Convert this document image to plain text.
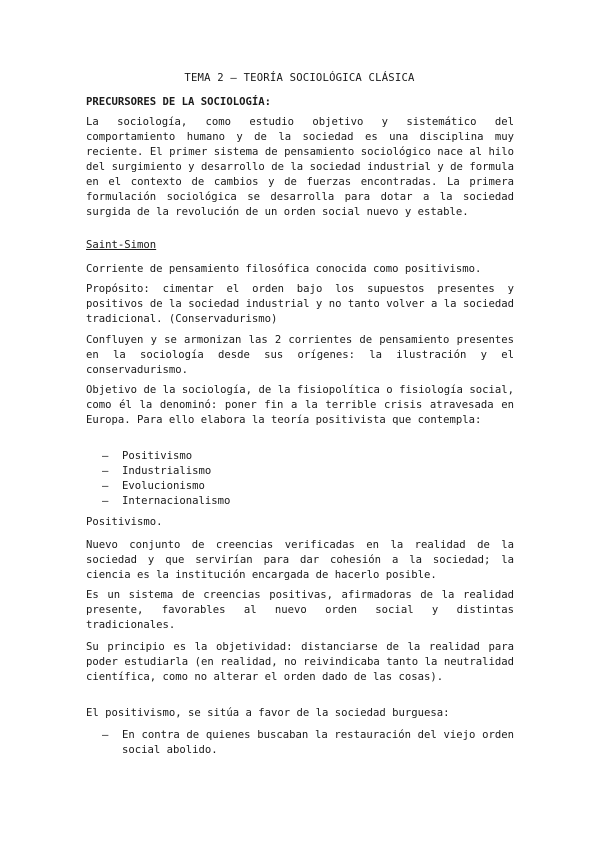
TEMA 2 – TEORÍA SOCIOLÓGICA CLÁSICA
PRECURSORES DE LA SOCIOLOGÍA:
La sociología, como estudio objetivo y sistemático del comportamiento humano y de la sociedad es una disciplina muy reciente. El primer sistema de pensamiento sociológico nace al hilo del surgimiento y desarrollo de la sociedad industrial y de formula en el contexto de cambios y de fuerzas encontradas. La primera formulación sociológica se desarrolla para dotar a la sociedad surgida de la revolución de un orden social nuevo y estable.
Saint-Simon
Corriente de pensamiento filosófica conocida como positivismo.
Propósito: cimentar el orden bajo los supuestos presentes y positivos de la sociedad industrial y no tanto volver a la sociedad tradicional. (Conservadurismo)
Confluyen y se armonizan las 2 corrientes de pensamiento presentes en la sociología desde sus orígenes: la ilustración y el conservadurismo.
Objetivo de la sociología, de la fisiopolítica o fisiología social, como él la denominó: poner fin a la terrible crisis atravesada en Europa. Para ello elabora la teoría positivista que contempla:
– Positivismo
– Industrialismo
– Evolucionismo
– Internacionalismo
Positivismo.
Nuevo conjunto de creencias verificadas en la realidad de la sociedad y que servirían para dar cohesión a la sociedad; la ciencia es la institución encargada de hacerlo posible.
Es un sistema de creencias positivas, afirmadoras de la realidad presente, favorables al nuevo orden social y distintas tradicionales.
Su principio es la objetividad: distanciarse de la realidad para poder estudiarla (en realidad, no reivindicaba tanto la neutralidad científica, como no alterar el orden dado de las cosas).
El positivismo, se sitúa a favor de la sociedad burguesa:
– En contra de quienes buscaban la restauración del viejo orden social abolido.
